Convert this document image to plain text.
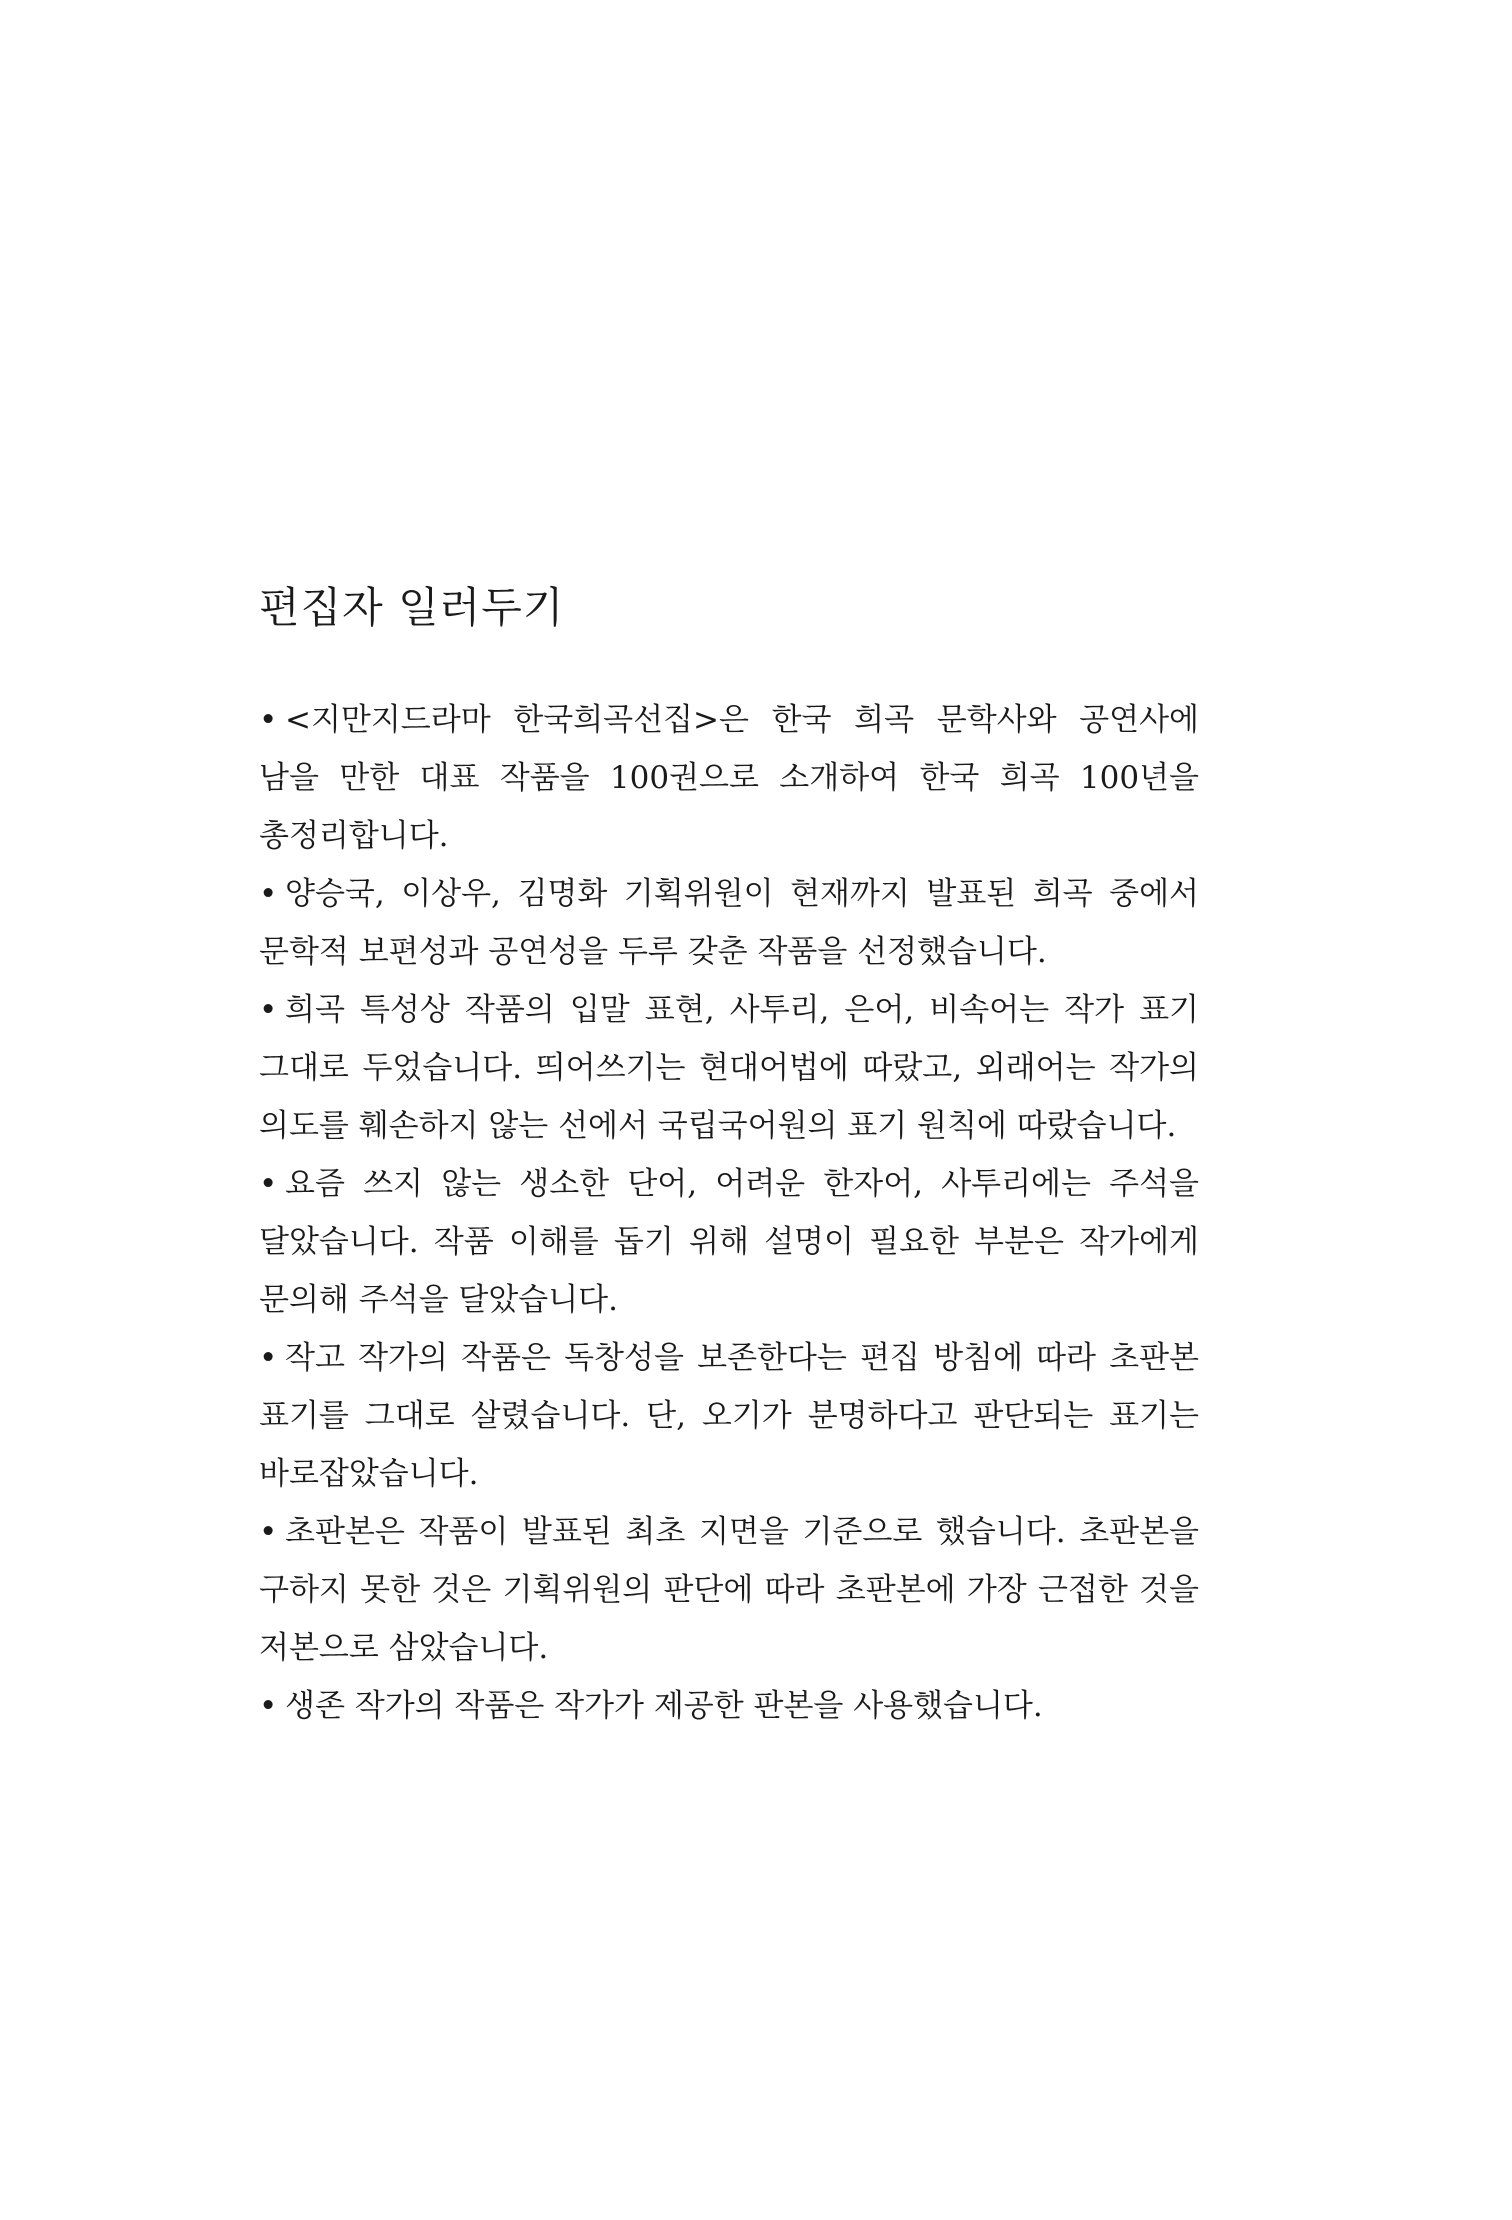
편집자 일러두기
• <지만지드라마 한국희곡선집>은 한국 희곡 문학사와 공연사에 남을 만한 대표 작품을 100권으로 소개하여 한국 희곡 100년을 총정리합니다.
• 양승국, 이상우, 김명화 기획위원이 현재까지 발표된 희곡 중에서 문학적 보편성과 공연성을 두루 갖춘 작품을 선정했습니다.
• 희곡 특성상 작품의 입말 표현, 사투리, 은어, 비속어는 작가 표기 그대로 두었습니다. 띄어쓰기는 현대어법에 따랐고, 외래어는 작가의 의도를 훼손하지 않는 선에서 국립국어원의 표기 원칙에 따랐습니다.
• 요즘 쓰지 않는 생소한 단어, 어려운 한자어, 사투리에는 주석을 달았습니다. 작품 이해를 돕기 위해 설명이 필요한 부분은 작가에게 문의해 주석을 달았습니다.
• 작고 작가의 작품은 독창성을 보존한다는 편집 방침에 따라 초판본 표기를 그대로 살렸습니다. 단, 오기가 분명하다고 판단되는 표기는 바로잡았습니다.
• 초판본은 작품이 발표된 최초 지면을 기준으로 했습니다. 초판본을 구하지 못한 것은 기획위원의 판단에 따라 초판본에 가장 근접한 것을 저본으로 삼았습니다.
• 생존 작가의 작품은 작가가 제공한 판본을 사용했습니다.
